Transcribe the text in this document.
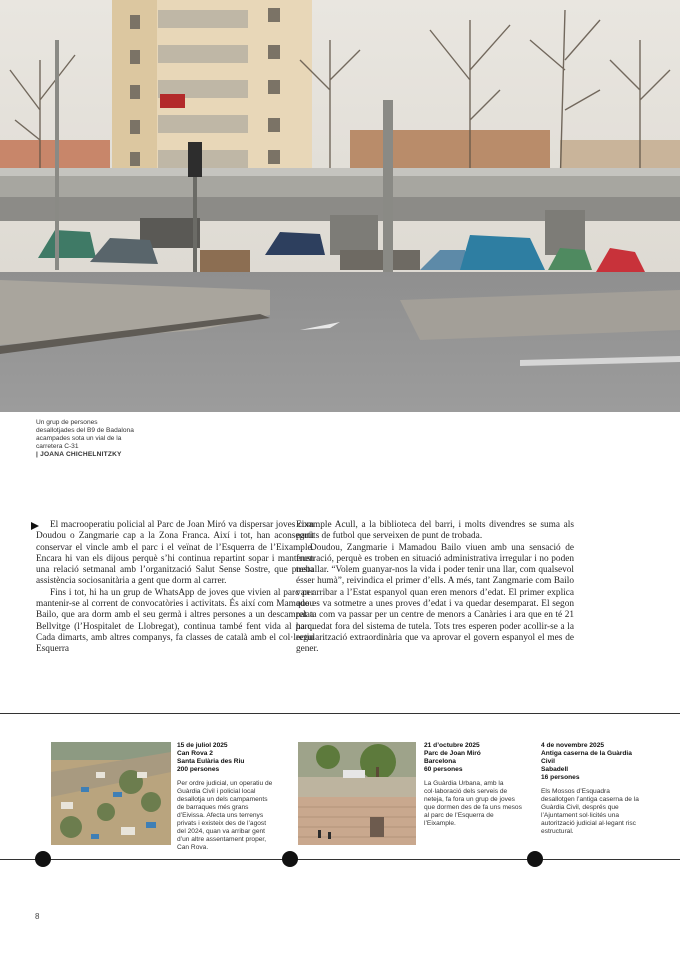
Un grup de persones desallotjades del B9 de Badalona acampades sota un vial de la carretera C-31
| JOANA CHICHELNITZKY

El macrooperatiu policial al Parc de Joan Miró va dispersar joves com Doudou o Zangmarie cap a la Zona Franca. Així i tot, han aconseguit conservar el vincle amb el parc i el veïnat de l’Esquerra de l’Eixample. Encara hi van els dijous perquè s’hi continua repartint sopar i mantenen una relació setmanal amb l’organització Salut Sense Sostre, que presta assistència sociosanitària a gent que dorm al carrer.

Fins i tot, hi ha un grup de WhatsApp de joves que vivien al parc per mantenir-se al corrent de convocatòries i activitats. És així com Mamadou Bailo, que ara dorm amb el seu germà i altres persones a un descampat a Bellvitge (l’Hospitalet de Llobregat), continua també fent vida al parc. Cada dimarts, amb altres companys, fa classes de català amb el col·lectiu Esquerra

Eixample Acull, a la biblioteca del barri, i molts divendres se suma als partits de futbol que serveixen de punt de trobada.

Doudou, Zangmarie i Mamadou Bailo viuen amb una sensació de frustració, perquè es troben en situació administrativa irregular i no poden treballar. “Volem guanyar-nos la vida i poder tenir una llar, com qualsevol ésser humà”, reivindica el primer d’ells. A més, tant Zangmarie com Bailo van arribar a l’Estat espanyol quan eren menors d’edat. El primer explica que es va sotmetre a unes proves d’edat i va quedar desemparat. El segon relata com va passar per un centre de menors a Canàries i ara que en té 21 ha quedat fora del sistema de tutela. Tots tres esperen poder acollir-se a la regularització extraordinària que va aprovar el govern espanyol el mes de gener.

15 de juliol 2025
Can Rova 2
Santa Eulària des Riu
200 persones
Per ordre judicial, un operatiu de Guàrdia Civil i policial local desallotja un dels campaments de barraques més grans d’Eivissa. Afecta uns terrenys privats i existeix des de l’agost del 2024, quan va arribar gent d’un altre assentament proper, Can Rova.
21 d’octubre 2025
Parc de Joan Miró
Barcelona
60 persones
La Guàrdia Urbana, amb la col·laboració dels serveis de neteja, fa fora un grup de joves que dormen des de fa uns mesos al parc de l’Esquerra de l’Eixample.
4 de novembre 2025
Antiga caserna de la Guàrdia Civil
Sabadell
16 persones
Els Mossos d’Esquadra desallotgen l’antiga caserna de la Guàrdia Civil, després que l’Ajuntament sol·licités una autorització judicial al·legant risc estructural.
8
